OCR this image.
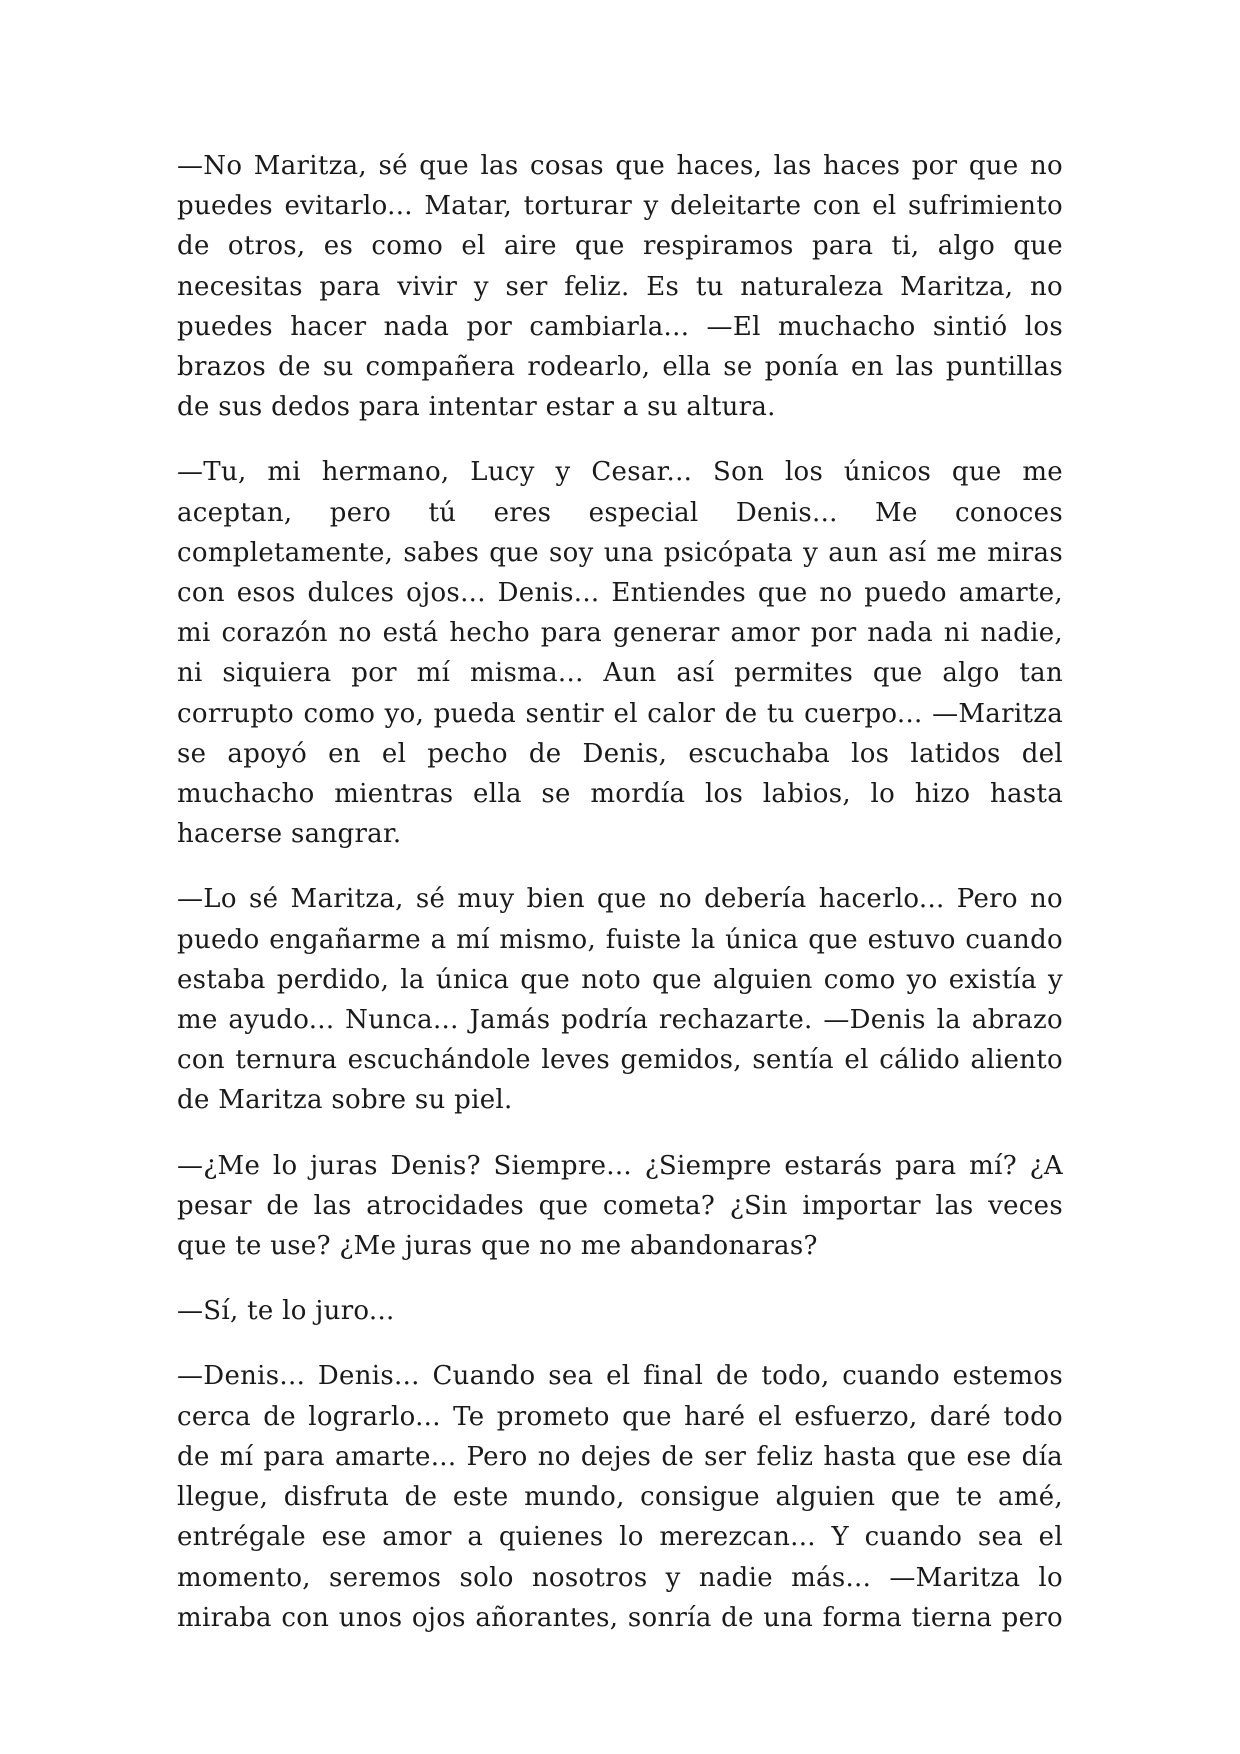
—No Maritza, sé que las cosas que haces, las haces por que no puedes evitarlo... Matar, torturar y deleitarte con el sufrimiento de otros, es como el aire que respiramos para ti, algo que necesitas para vivir y ser feliz. Es tu naturaleza Maritza, no puedes hacer nada por cambiarla... —El muchacho sintió los brazos de su compañera rodearlo, ella se ponía en las puntillas de sus dedos para intentar estar a su altura.

—Tu, mi hermano, Lucy y Cesar... Son los únicos que me aceptan, pero tú eres especial Denis... Me conoces completamente, sabes que soy una psicópata y aun así me miras con esos dulces ojos... Denis... Entiendes que no puedo amarte, mi corazón no está hecho para generar amor por nada ni nadie, ni siquiera por mí misma... Aun así permites que algo tan corrupto como yo, pueda sentir el calor de tu cuerpo... —Maritza se apoyó en el pecho de Denis, escuchaba los latidos del muchacho mientras ella se mordía los labios, lo hizo hasta hacerse sangrar.

—Lo sé Maritza, sé muy bien que no debería hacerlo... Pero no puedo engañarme a mí mismo, fuiste la única que estuvo cuando estaba perdido, la única que noto que alguien como yo existía y me ayudo... Nunca... Jamás podría rechazarte. —Denis la abrazo con ternura escuchándole leves gemidos, sentía el cálido aliento de Maritza sobre su piel.

—¿Me lo juras Denis? Siempre... ¿Siempre estarás para mí? ¿A pesar de las atrocidades que cometa? ¿Sin importar las veces que te use? ¿Me juras que no me abandonaras?

—Sí, te lo juro...

—Denis... Denis... Cuando sea el final de todo, cuando estemos cerca de lograrlo... Te prometo que haré el esfuerzo, daré todo de mí para amarte... Pero no dejes de ser feliz hasta que ese día llegue, disfruta de este mundo, consigue alguien que te amé, entrégale ese amor a quienes lo merezcan... Y cuando sea el momento, seremos solo nosotros y nadie más... —Maritza lo miraba con unos ojos añorantes, sonría de una forma tierna pero
